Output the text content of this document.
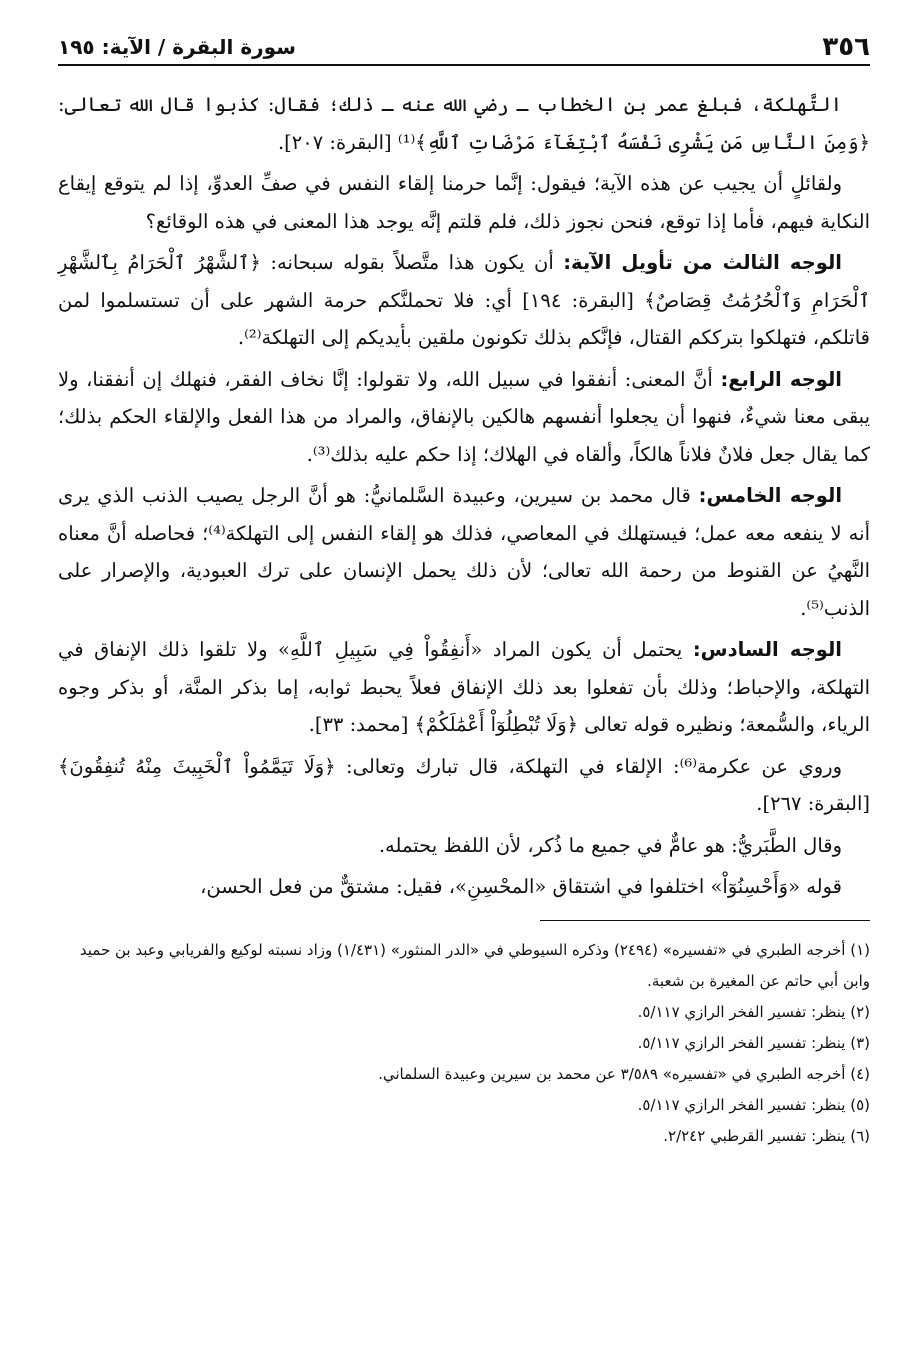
٣٥٦
سورة البقرة / الآية: ١٩٥

التَّهلكة، فبلغ عمر بن الخطاب ـ رضي الله عنه ـ ذلك؛ فقال: كذبوا قال الله تعالى: ﴿وَمِنَ النَّاسِ مَن يَشْرِى نَفْسَهُ ٱبْتِغَآءَ مَرْضَاتِ ٱللَّهِ﴾⁽¹⁾ [البقرة: ٢٠٧].

ولقائلٍ أن يجيب عن هذه الآية؛ فيقول: إنَّما حرمنا إلقاء النفس في صفِّ العدوِّ، إذا لم يتوقع إيقاع النكاية فيهم، فأما إذا توقع، فنحن نجوز ذلك، فلم قلتم إنَّه يوجد هذا المعنى في هذه الوقائع؟

الوجه الثالث من تأويل الآية: أن يكون هذا متَّصلاً بقوله سبحانه: ﴿ٱلشَّهْرُ ٱلْحَرَامُ بِٱلشَّهْرِ ٱلْحَرَامِ وَٱلْحُرُمَٰتُ قِصَاصٌ﴾ [البقرة: ١٩٤] أي: فلا تحملنَّكم حرمة الشهر على أن تستسلموا لمن قاتلكم، فتهلكوا بترككم القتال، فإنَّكم بذلك تكونون ملقين بأيديكم إلى التهلكة⁽²⁾.

الوجه الرابع: أنَّ المعنى: أنفقوا في سبيل الله، ولا تقولوا: إنَّا نخاف الفقر، فنهلك إن أنفقنا، ولا يبقى معنا شيءٌ، فنهوا أن يجعلوا أنفسهم هالكين بالإنفاق، والمراد من هذا الفعل والإلقاء الحكم بذلك؛ كما يقال جعل فلانٌ فلاناً هالكاً، وألقاه في الهلاك؛ إذا حكم عليه بذلك⁽³⁾.

الوجه الخامس: قال محمد بن سيرين، وعبيدة السَّلمانيُّ: هو أنَّ الرجل يصيب الذنب الذي يرى أنه لا ينفعه معه عمل؛ فيستهلك في المعاصي، فذلك هو إلقاء النفس إلى التهلكة⁽⁴⁾؛ فحاصله أنَّ معناه النَّهيُ عن القنوط من رحمة الله تعالى؛ لأن ذلك يحمل الإنسان على ترك العبودية، والإصرار على الذنب⁽⁵⁾.

الوجه السادس: يحتمل أن يكون المراد «أَنفِقُواْ فِي سَبِيلِ ٱللَّهِ» ولا تلقوا ذلك الإنفاق في التهلكة، والإحباط؛ وذلك بأن تفعلوا بعد ذلك الإنفاق فعلاً يحبط ثوابه، إما بذكر المنَّة، أو بذكر وجوه الرياء، والسُّمعة؛ ونظيره قوله تعالى ﴿وَلَا تُبْطِلُوٓاْ أَعْمَٰلَكُمْ﴾ [محمد: ٣٣].

وروي عن عكرمة⁽⁶⁾: الإلقاء في التهلكة، قال تبارك وتعالى: ﴿وَلَا تَيَمَّمُواْ ٱلْخَبِيثَ مِنْهُ تُنفِقُونَ﴾ [البقرة: ٢٦٧].

وقال الطَّبَريُّ: هو عامٌّ في جميع ما ذُكر، لأن اللفظ يحتمله.

قوله «وَأَحْسِنُوٓاْ» اختلفوا في اشتقاق «المحْسِنِ»، فقيل: مشتقٌّ من فعل الحسن،

(١) أخرجه الطبري في «تفسيره» (٢٤٩٤) وذكره السيوطي في «الدر المنثور» (١/٤٣١) وزاد نسبته لوكيع والفريابي وعبد بن حميد وابن أبي حاتم عن المغيرة بن شعبة.

(٢) ينظر: تفسير الفخر الرازي ٥/١١٧.

(٣) ينظر: تفسير الفخر الرازي ٥/١١٧.

(٤) أخرجه الطبري في «تفسيره» ٣/٥٨٩ عن محمد بن سيرين وعبيدة السلماني.

(٥) ينظر: تفسير الفخر الرازي ٥/١١٧.

(٦) ينظر: تفسير القرطبي ٢/٢٤٢.
